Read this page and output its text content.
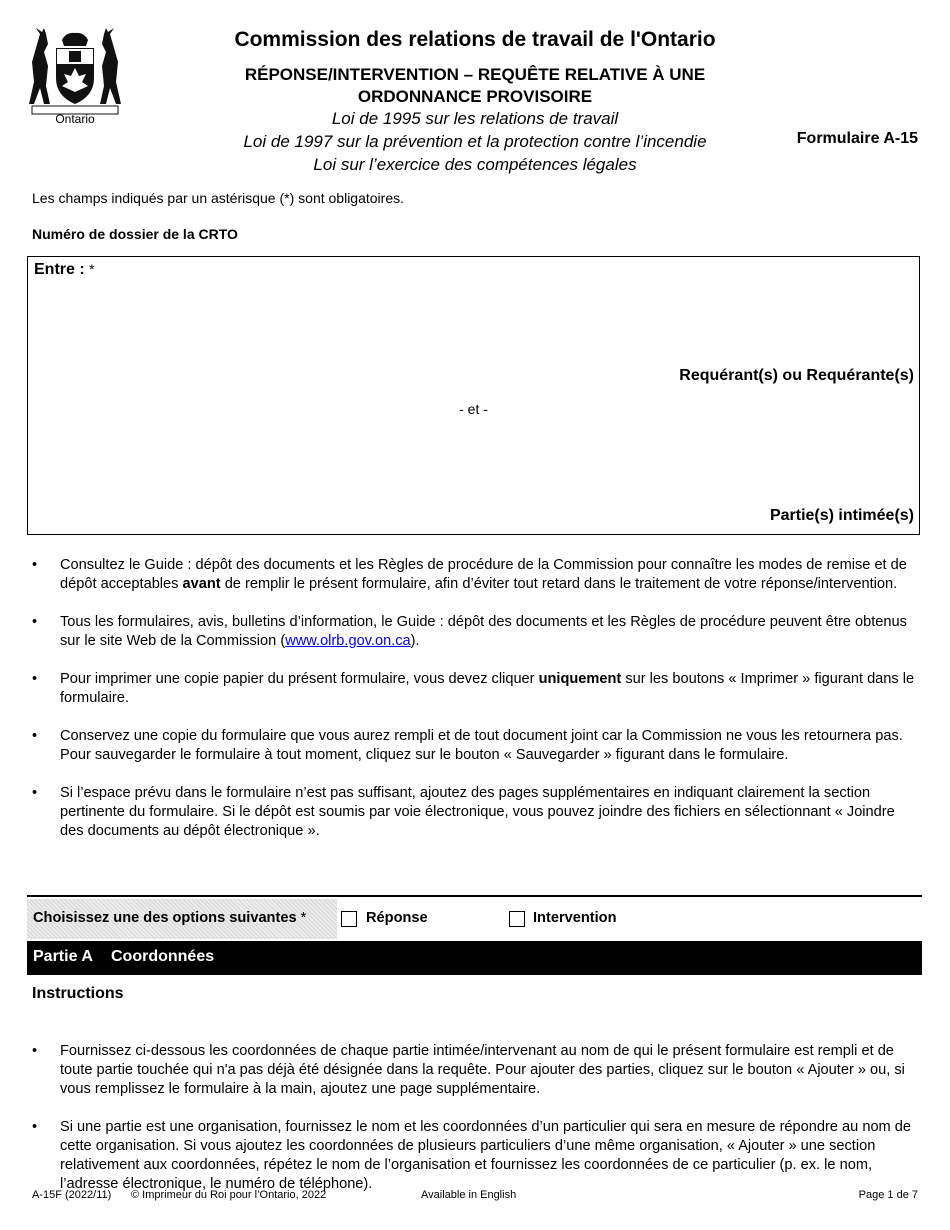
Ontario
Commission des relations de travail de l'Ontario
RÉPONSE/INTERVENTION – REQUÊTE RELATIVE À UNE
ORDONNANCE PROVISOIRE
Loi de 1995 sur les relations de travail
Loi de 1997 sur la prévention et la protection contre l’incendie
Loi sur l’exercice des compétences légales
Formulaire A-15
Les champs indiqués par un astérisque (*) sont obligatoires.
Numéro de dossier de la CRTO
Entre : *
Requérant(s) ou Requérante(s)
- et -
Partie(s) intimée(s)
• Consultez le Guide : dépôt des documents et les Règles de procédure de la Commission pour connaître les modes de remise et de dépôt acceptables avant de remplir le présent formulaire, afin d’éviter tout retard dans le traitement de votre réponse/intervention.
• Tous les formulaires, avis, bulletins d’information, le Guide : dépôt des documents et les Règles de procédure peuvent être obtenus sur le site Web de la Commission (www.olrb.gov.on.ca).
• Pour imprimer une copie papier du présent formulaire, vous devez cliquer uniquement sur les boutons « Imprimer » figurant dans le formulaire.
• Conservez une copie du formulaire que vous aurez rempli et de tout document joint car la Commission ne vous les retournera pas. Pour sauvegarder le formulaire à tout moment, cliquez sur le bouton « Sauvegarder » figurant dans le formulaire.
• Si l’espace prévu dans le formulaire n’est pas suffisant, ajoutez des pages supplémentaires en indiquant clairement la section pertinente du formulaire. Si le dépôt est soumis par voie électronique, vous pouvez joindre des fichiers en sélectionnant « Joindre des documents au dépôt électronique ».
Choisissez une des options suivantes *	Réponse	Intervention
Partie A Coordonnées
Instructions
• Fournissez ci-dessous les coordonnées de chaque partie intimée/intervenant au nom de qui le présent formulaire est rempli et de toute partie touchée qui n'a pas déjà été désignée dans la requête. Pour ajouter des parties, cliquez sur le bouton « Ajouter » ou, si vous remplissez le formulaire à la main, ajoutez une page supplémentaire.
• Si une partie est une organisation, fournissez le nom et les coordonnées d’un particulier qui sera en mesure de répondre au nom de cette organisation. Si vous ajoutez les coordonnées de plusieurs particuliers d’une même organisation, « Ajouter » une section relativement aux coordonnées, répétez le nom de l’organisation et fournissez les coordonnées de ce particulier (p. ex. le nom, l’adresse électronique, le numéro de téléphone).
A-15F (2022/11) © Imprimeur du Roi pour l’Ontario, 2022	Available in English	Page 1 de 7
